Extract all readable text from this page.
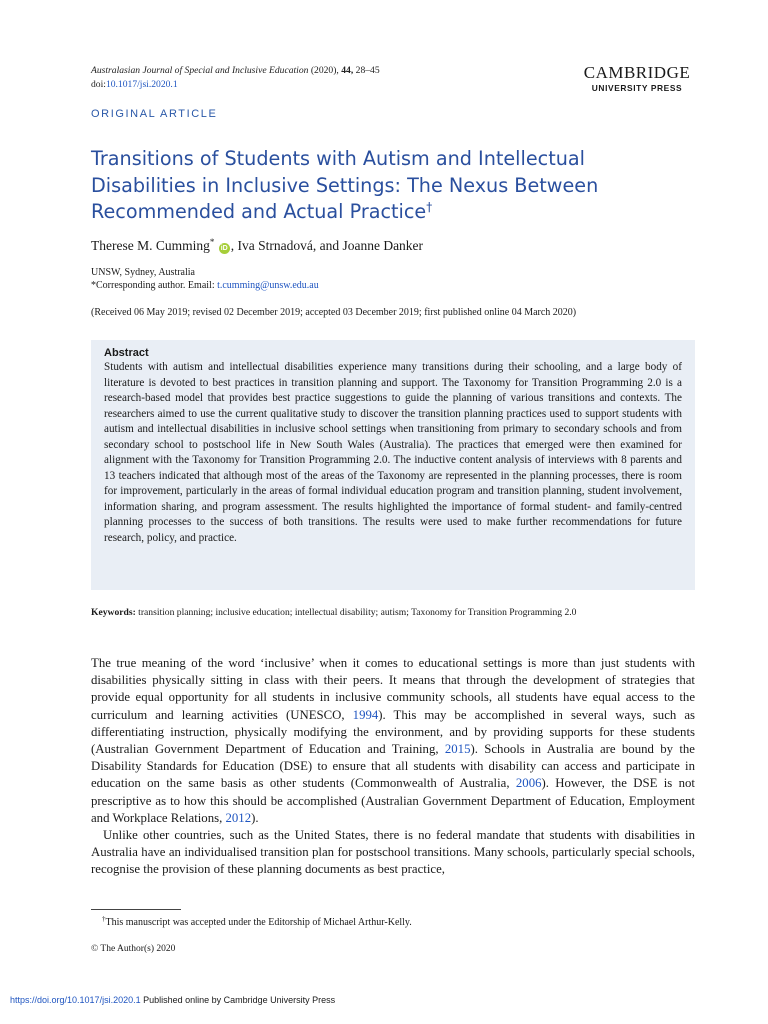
Australasian Journal of Special and Inclusive Education (2020), 44, 28–45
doi:10.1017/jsi.2020.1
CAMBRIDGE
UNIVERSITY PRESS
ORIGINAL ARTICLE
Transitions of Students with Autism and Intellectual
Disabilities in Inclusive Settings: The Nexus Between
Recommended and Actual Practice†
Therese M. Cumming* iD , Iva Strnadová, and Joanne Danker
UNSW, Sydney, Australia
*Corresponding author. Email: t.cumming@unsw.edu.au
(Received 06 May 2019; revised 02 December 2019; accepted 03 December 2019; first published online 04 March 2020)
Abstract
Students with autism and intellectual disabilities experience many transitions during their schooling, and a large body of literature is devoted to best practices in transition planning and support. The Taxonomy for Transition Programming 2.0 is a research-based model that provides best practice suggestions to guide the planning of various transitions and contexts. The researchers aimed to use the current qualitative study to discover the transition planning practices used to support students with autism and intellectual disabilities in inclusive school settings when transitioning from primary to secondary schools and from secondary school to postschool life in New South Wales (Australia). The practices that emerged were then examined for alignment with the Taxonomy for Transition Programming 2.0. The inductive content analysis of interviews with 8 parents and 13 teachers indicated that although most of the areas of the Taxonomy are represented in the planning processes, there is room for improvement, particularly in the areas of formal individual education program and transition planning, student involvement, information sharing, and program assessment. The results highlighted the importance of formal student- and family-centred planning processes to the success of both transitions. The results were used to make further recommendations for future research, policy, and practice.
Keywords: transition planning; inclusive education; intellectual disability; autism; Taxonomy for Transition Programming 2.0

The true meaning of the word ‘inclusive’ when it comes to educational settings is more than just students with disabilities physically sitting in class with their peers. It means that through the development of strategies that provide equal opportunity for all students in inclusive community schools, all students have equal access to the curriculum and learning activities (UNESCO, 1994). This may be accomplished in several ways, such as differentiating instruction, physically modifying the environment, and by providing supports for these students (Australian Government Department of Education and Training, 2015). Schools in Australia are bound by the Disability Standards for Education (DSE) to ensure that all students with disability can access and participate in education on the same basis as other students (Commonwealth of Australia, 2006). However, the DSE is not prescriptive as to how this should be accomplished (Australian Government Department of Education, Employment and Workplace Relations, 2012).

Unlike other countries, such as the United States, there is no federal mandate that students with disabilities in Australia have an individualised transition plan for postschool transitions. Many schools, particularly special schools, recognise the provision of these planning documents as best practice,

†This manuscript was accepted under the Editorship of Michael Arthur-Kelly.
© The Author(s) 2020
https://doi.org/10.1017/jsi.2020.1 Published online by Cambridge University Press
